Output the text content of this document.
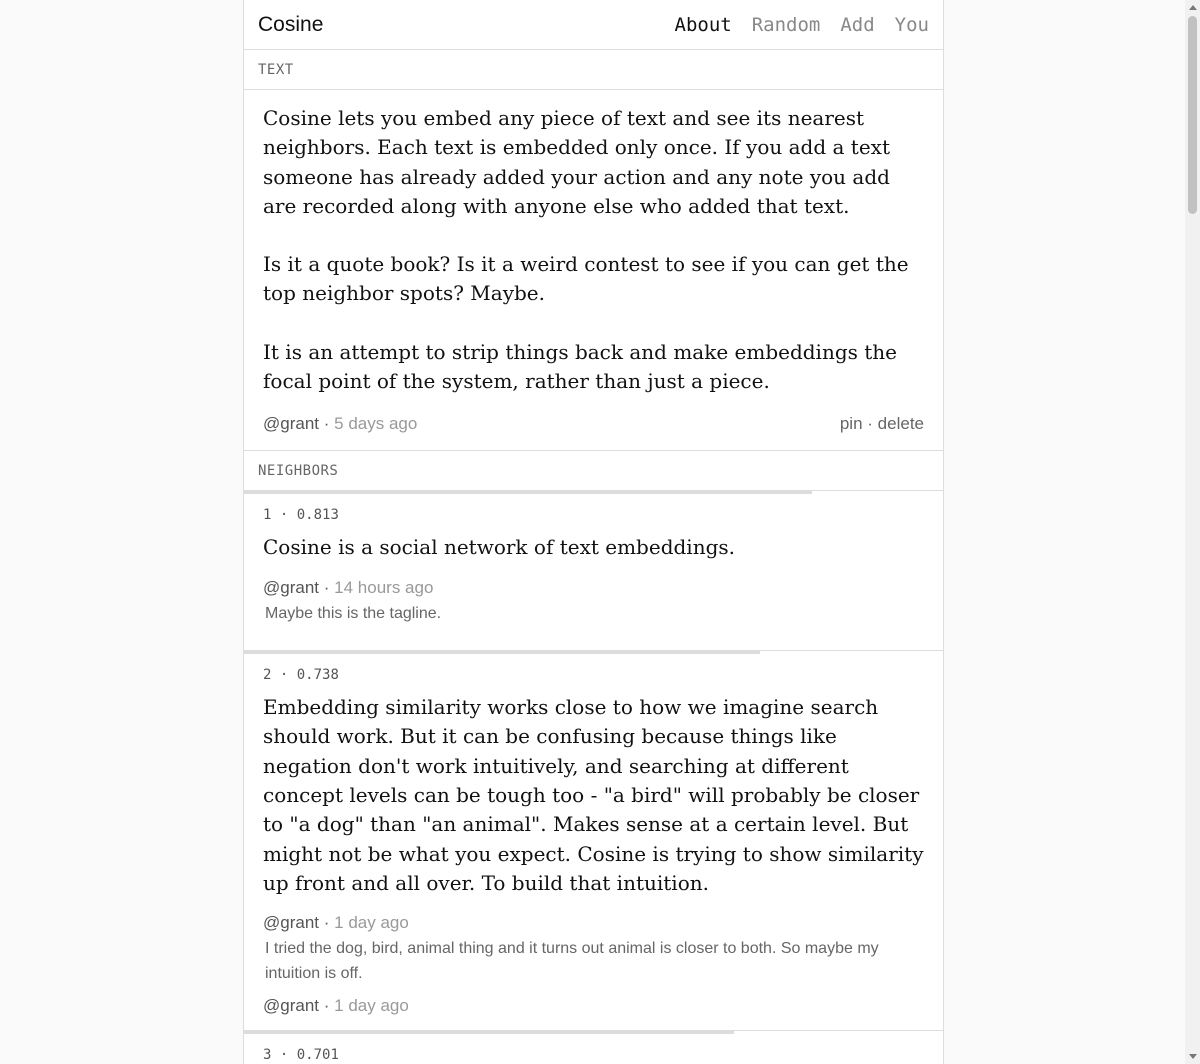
Cosine	About Random Add You
TEXT

Cosine lets you embed any piece of text and see its nearest neighbors. Each text is embedded only once. If you add a text someone has already added your action and any note you add are recorded along with anyone else who added that text.

Is it a quote book? Is it a weird contest to see if you can get the top neighbor spots? Maybe.

It is an attempt to strip things back and make embeddings the focal point of the system, rather than just a piece.

@grant · 5 days ago	pin · delete
NEIGHBORS
1 · 0.813
Cosine is a social network of text embeddings.
@grant · 14 hours ago
Maybe this is the tagline.
2 · 0.738
Embedding similarity works close to how we imagine search should work. But it can be confusing because things like negation don't work intuitively, and searching at different concept levels can be tough too - "a bird" will probably be closer to "a dog" than "an animal". Makes sense at a certain level. But might not be what you expect. Cosine is trying to show similarity up front and all over. To build that intuition.
@grant · 1 day ago
I tried the dog, bird, animal thing and it turns out animal is closer to both. So maybe my intuition is off.
@grant · 1 day ago
3 · 0.701
